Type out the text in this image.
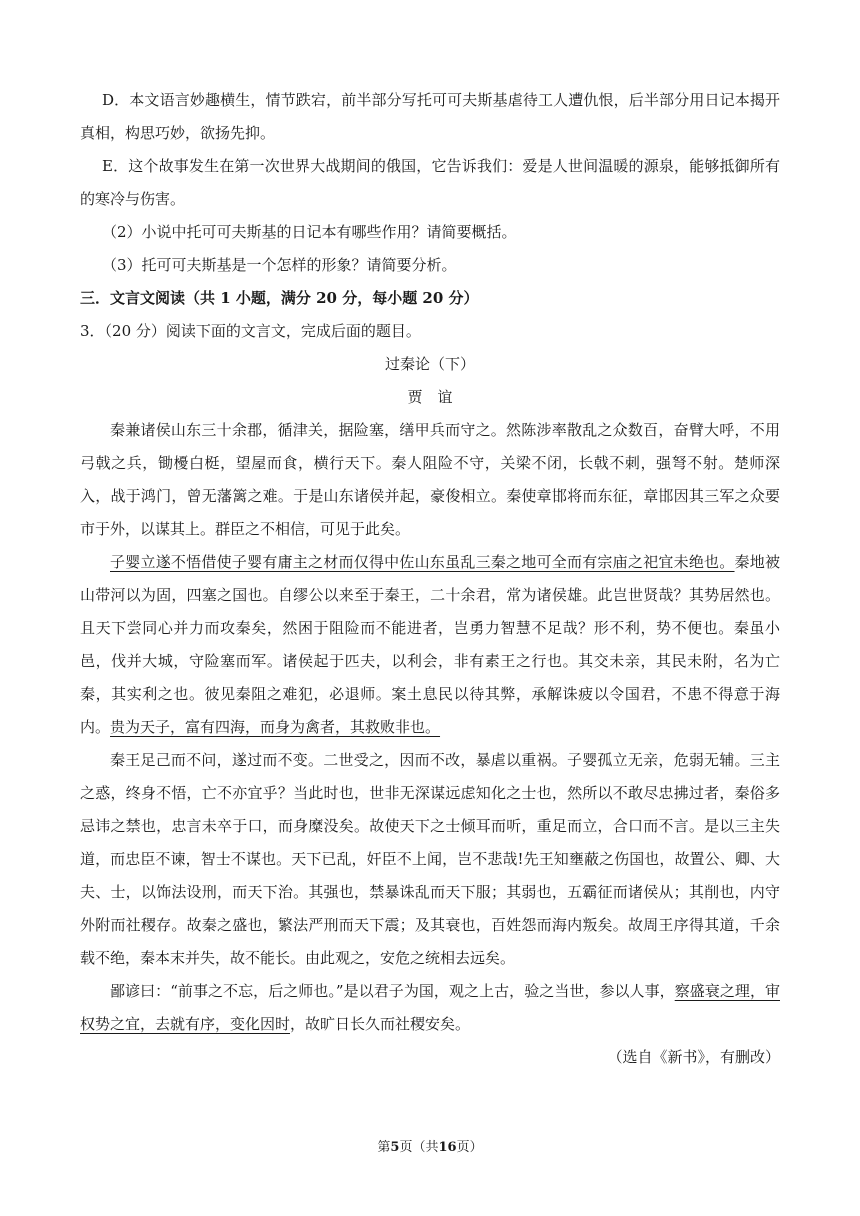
D．本文语言妙趣横生，情节跌宕，前半部分写托可可夫斯基虐待工人遭仇恨，后半部分用日记本揭开真相，构思巧妙，欲扬先抑。
E．这个故事发生在第一次世界大战期间的俄国，它告诉我们：爱是人世间温暖的源泉，能够抵御所有的寒冷与伤害。
（2）小说中托可可夫斯基的日记本有哪些作用？请简要概括。
（3）托可可夫斯基是一个怎样的形象？请简要分析。
三．文言文阅读（共 1 小题，满分 20 分，每小题 20 分）
3．（20 分）阅读下面的文言文，完成后面的题目。
过秦论（下）
贾　谊
秦兼诸侯山东三十余郡，循津关，据险塞，缮甲兵而守之。然陈涉率散乱之众数百，奋臂大呼，不用弓戟之兵，锄櫌白梃，望屋而食，横行天下。秦人阻险不守，关梁不闭，长戟不刺，强弩不射。楚师深入，战于鸿门，曾无藩篱之难。于是山东诸侯并起，豪俊相立。秦使章邯将而东征，章邯因其三军之众要市于外，以谋其上。群臣之不相信，可见于此矣。
子婴立遂不悟借使子婴有庸主之材而仅得中佐山东虽乱三秦之地可全而有宗庙之祀宜未绝也。秦地被山带河以为固，四塞之国也。自缪公以来至于秦王，二十余君，常为诸侯雄。此岂世贤哉？其势居然也。且天下尝同心并力而攻秦矣，然困于阻险而不能进者，岂勇力智慧不足哉？形不利，势不便也。秦虽小邑，伐并大城，守险塞而军。诸侯起于匹夫，以利会，非有素王之行也。其交未亲，其民未附，名为亡秦，其实利之也。彼见秦阻之难犯，必退师。案土息民以待其弊，承解诛疲以令国君，不患不得意于海内。贵为天子，富有四海，而身为禽者，其救败非也。
秦王足己而不问，遂过而不变。二世受之，因而不改，暴虐以重祸。子婴孤立无亲，危弱无辅。三主之惑，终身不悟，亡不亦宜乎？当此时也，世非无深谋远虑知化之士也，然所以不敢尽忠拂过者，秦俗多忌讳之禁也，忠言未卒于口，而身糜没矣。故使天下之士倾耳而听，重足而立，合口而不言。是以三主失道，而忠臣不谏，智士不谋也。天下已乱，奸臣不上闻，岂不悲哉!先王知壅蔽之伤国也，故置公、卿、大夫、士，以饰法设刑，而天下治。其强也，禁暴诛乱而天下服；其弱也，五霸征而诸侯从；其削也，内守外附而社稷存。故秦之盛也，繁法严刑而天下震；及其衰也，百姓怨而海内叛矣。故周王序得其道，千余载不绝，秦本末并失，故不能长。由此观之，安危之统相去远矣。
鄙谚曰：“前事之不忘，后之师也。”是以君子为国，观之上古，验之当世，参以人事，察盛衰之理，审权势之宜，去就有序，变化因时，故旷日长久而社稷安矣。
（选自《新书》，有删改）
第5页（共16页）
